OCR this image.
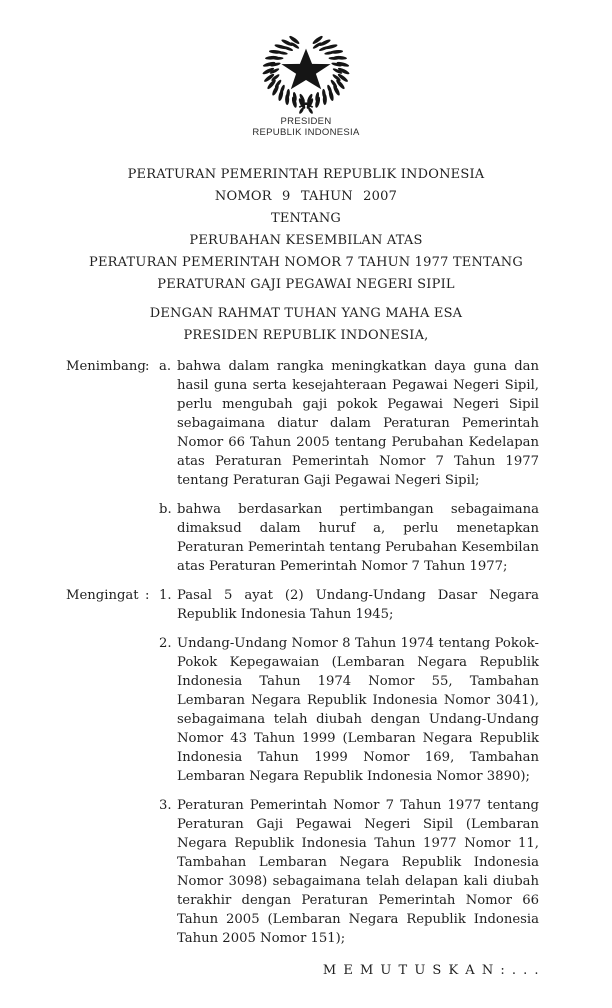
PRESIDEN
REPUBLIK INDONESIA
PERATURAN PEMERINTAH REPUBLIK INDONESIA
NOMOR 9 TAHUN 2007
TENTANG
PERUBAHAN KESEMBILAN ATAS
PERATURAN PEMERINTAH NOMOR 7 TAHUN 1977 TENTANG
PERATURAN GAJI PEGAWAI NEGERI SIPIL
DENGAN RAHMAT TUHAN YANG MAHA ESA
PRESIDEN REPUBLIK INDONESIA,
Menimbang : a. bahwa dalam rangka meningkatkan daya guna dan hasil guna serta kesejahteraan Pegawai Negeri Sipil, perlu mengubah gaji pokok Pegawai Negeri Sipil sebagaimana diatur dalam Peraturan Pemerintah Nomor 66 Tahun 2005 tentang Perubahan Kedelapan atas Peraturan Pemerintah Nomor 7 Tahun 1977 tentang Peraturan Gaji Pegawai Negeri Sipil;

b. bahwa berdasarkan pertimbangan sebagaimana dimaksud dalam huruf a, perlu menetapkan Peraturan Pemerintah tentang Perubahan Kesembilan atas Peraturan Pemerintah Nomor 7 Tahun 1977;

Mengingat : 1. Pasal 5 ayat (2) Undang-Undang Dasar Negara Republik Indonesia Tahun 1945;

2. Undang-Undang Nomor 8 Tahun 1974 tentang Pokok-Pokok Kepegawaian (Lembaran Negara Republik Indonesia Tahun 1974 Nomor 55, Tambahan Lembaran Negara Republik Indonesia Nomor 3041), sebagaimana telah diubah dengan Undang-Undang Nomor 43 Tahun 1999 (Lembaran Negara Republik Indonesia Tahun 1999 Nomor 169, Tambahan Lembaran Negara Republik Indonesia Nomor 3890);

3. Peraturan Pemerintah Nomor 7 Tahun 1977 tentang Peraturan Gaji Pegawai Negeri Sipil (Lembaran Negara Republik Indonesia Tahun 1977 Nomor 11, Tambahan Lembaran Negara Republik Indonesia Nomor 3098) sebagaimana telah delapan kali diubah terakhir dengan Peraturan Pemerintah Nomor 66 Tahun 2005 (Lembaran Negara Republik Indonesia Tahun 2005 Nomor 151);

M E M U T U S K A N : . . .
